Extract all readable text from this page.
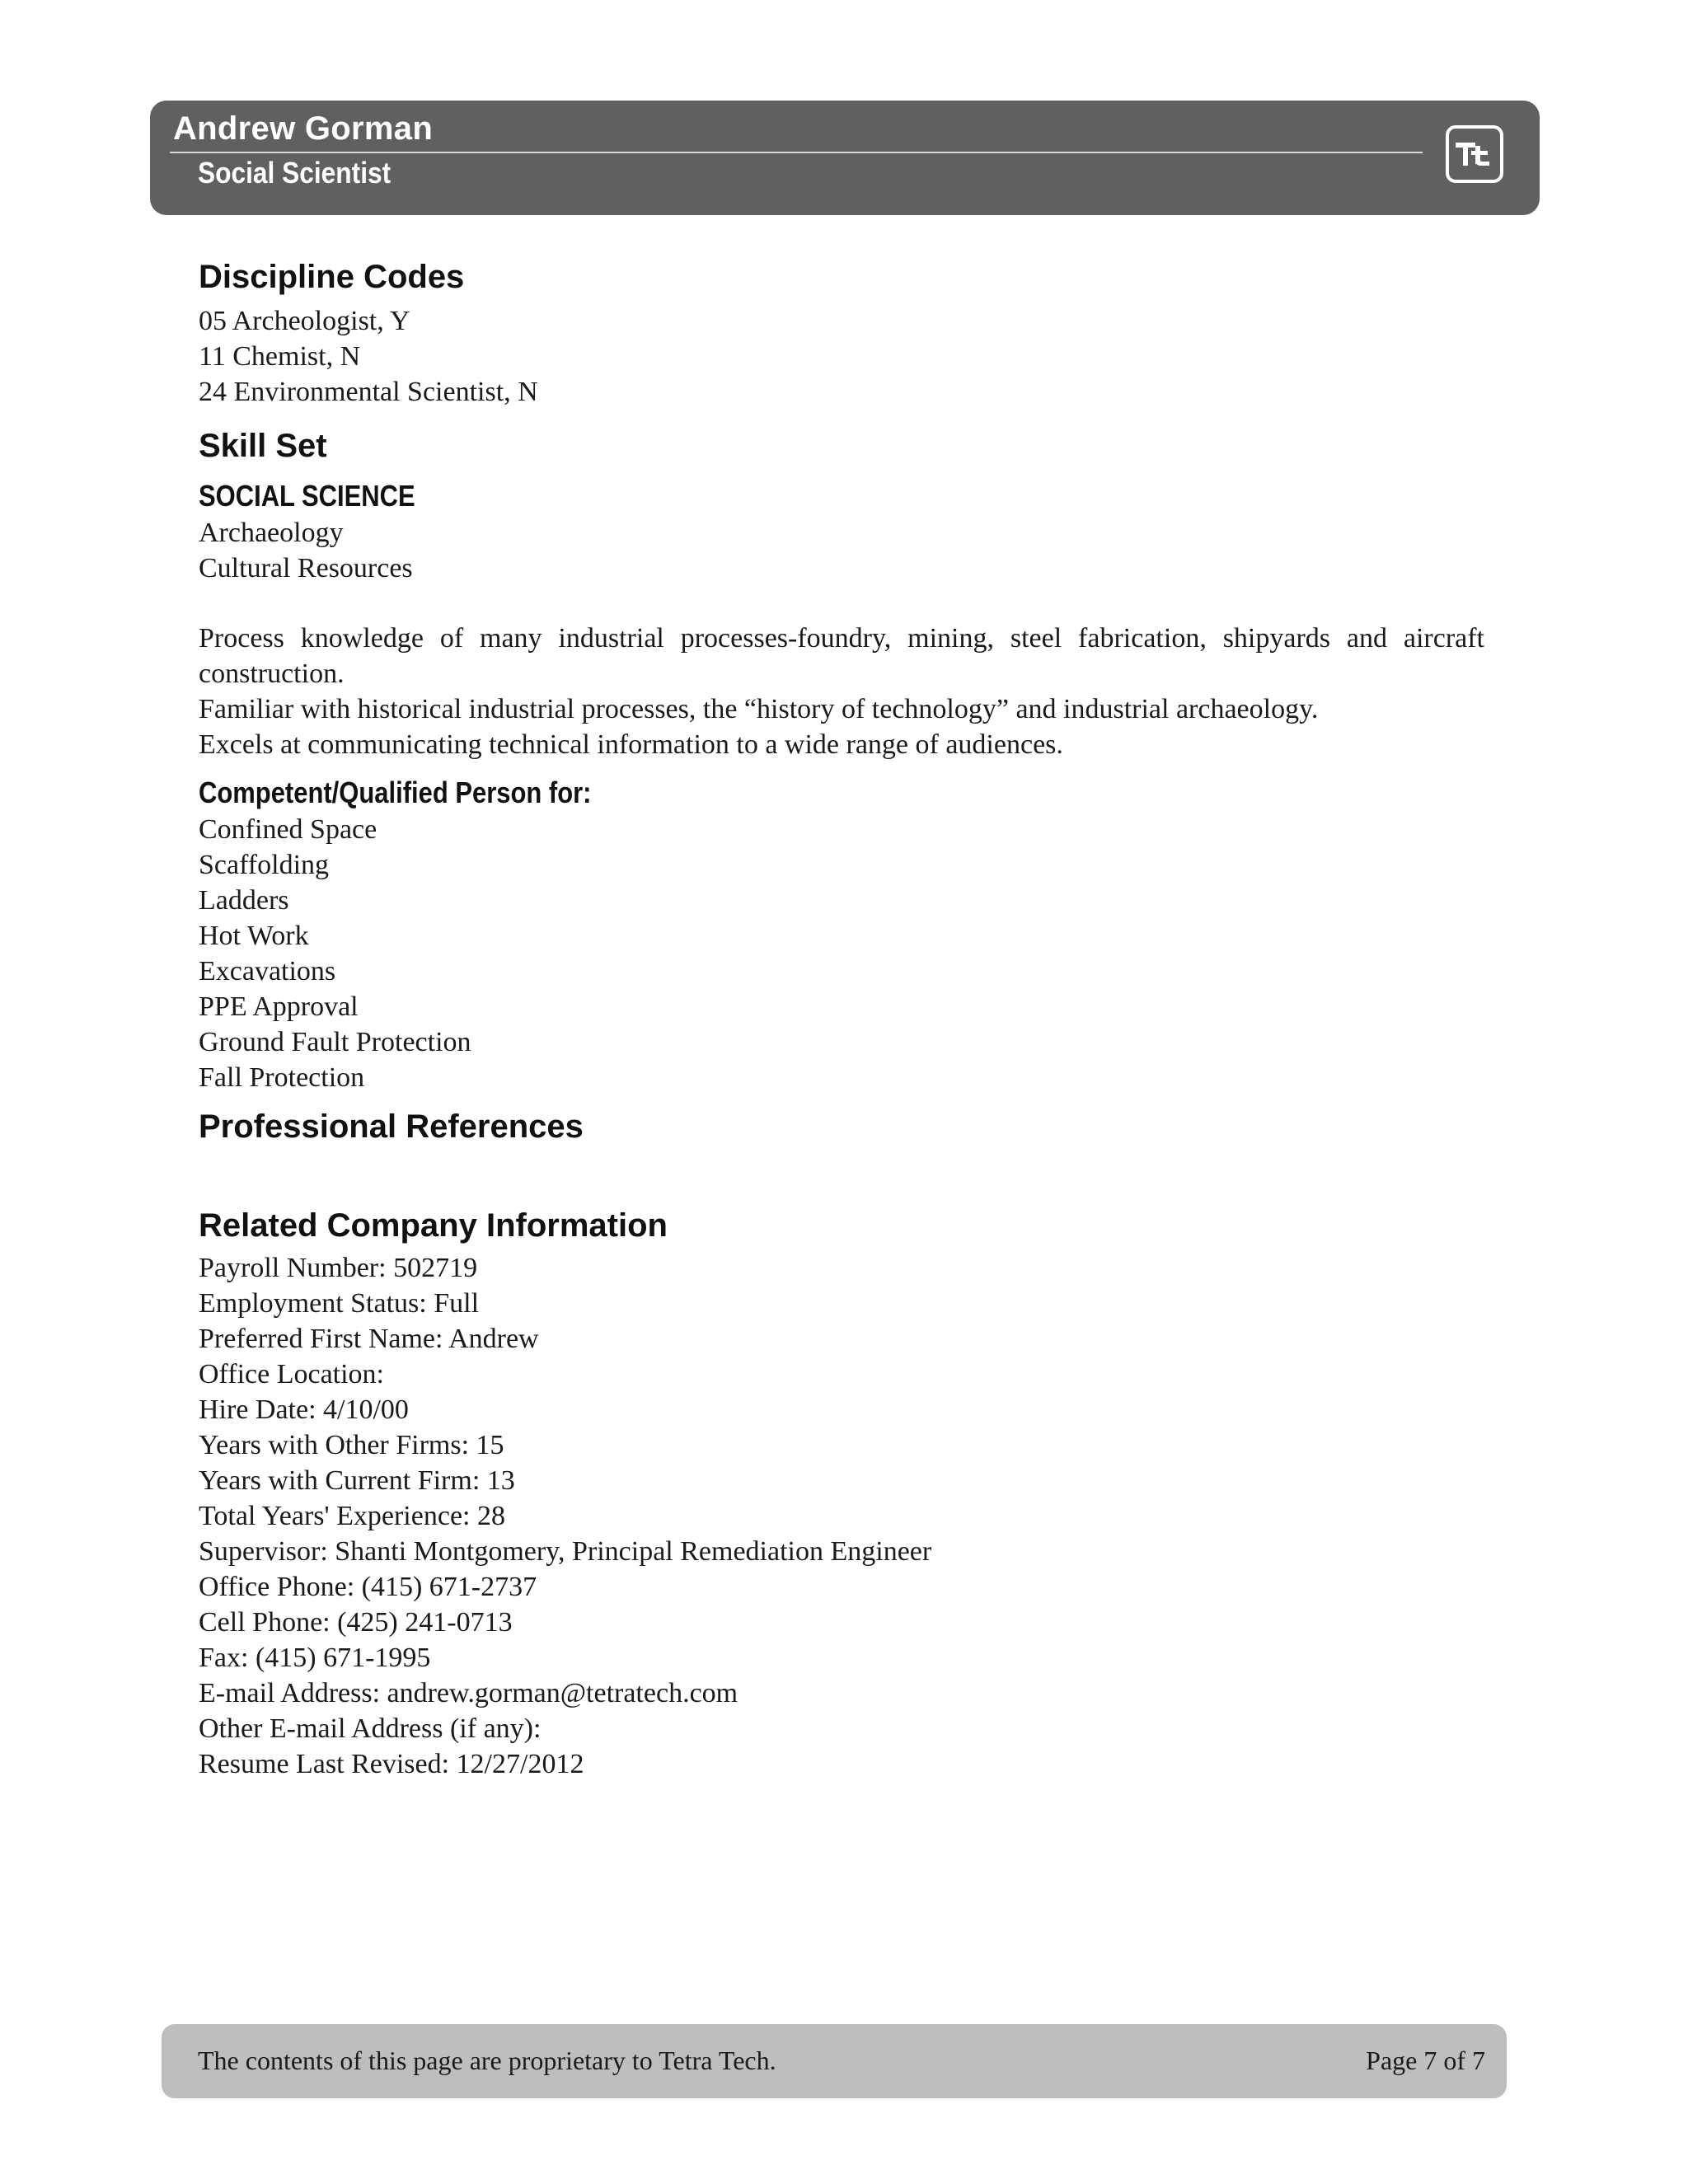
Andrew Gorman
Social Scientist
Discipline Codes
05 Archeologist, Y
11 Chemist, N
24 Environmental Scientist, N
Skill Set
SOCIAL SCIENCE
Archaeology
Cultural Resources
Process knowledge of many industrial processes-foundry, mining, steel fabrication, shipyards and aircraft construction.
Familiar with historical industrial processes, the “history of technology” and industrial archaeology.
Excels at communicating technical information to a wide range of audiences.
Competent/Qualified Person for:
Confined Space
Scaffolding
Ladders
Hot Work
Excavations
PPE Approval
Ground Fault Protection
Fall Protection
Professional References
Related Company Information
Payroll Number: 502719
Employment Status: Full
Preferred First Name: Andrew
Office Location:
Hire Date: 4/10/00
Years with Other Firms: 15
Years with Current Firm: 13
Total Years' Experience: 28
Supervisor: Shanti Montgomery, Principal Remediation Engineer
Office Phone: (415) 671-2737
Cell Phone: (425) 241-0713
Fax: (415) 671-1995
E-mail Address: andrew.gorman@tetratech.com
Other E-mail Address (if any):
Resume Last Revised: 12/27/2012
The contents of this page are proprietary to Tetra Tech.	Page 7 of 7
